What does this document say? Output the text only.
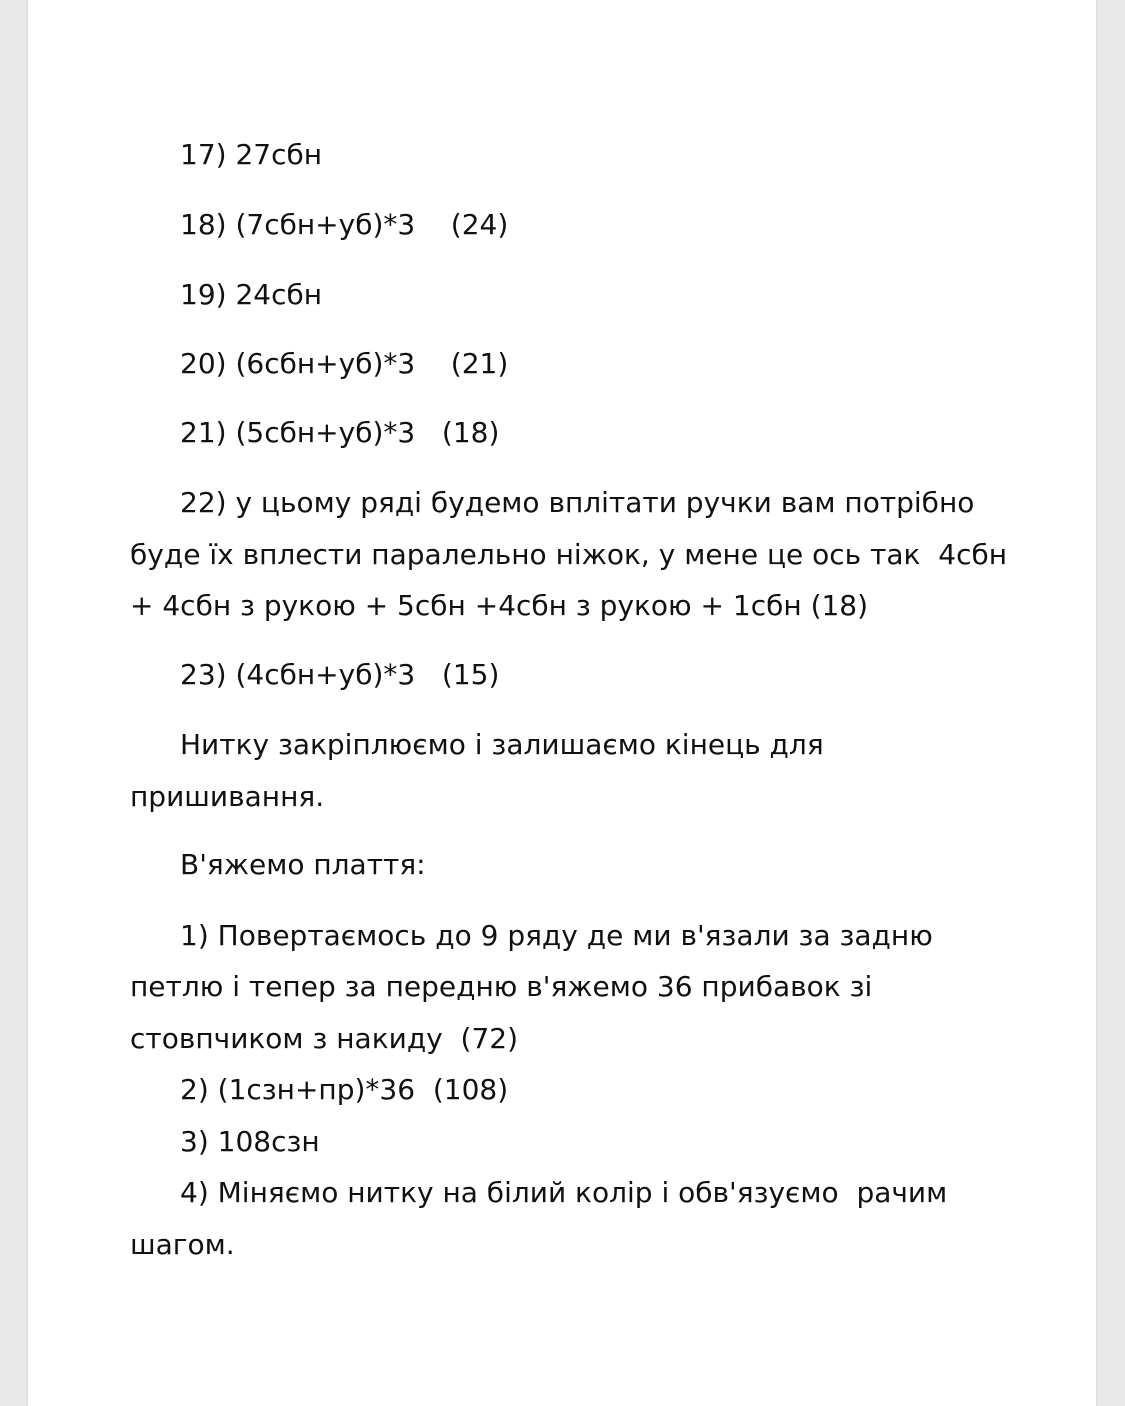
17) 27сбн
18) (7сбн+уб)*3    (24)
19) 24сбн
20) (6сбн+уб)*3    (21)
21) (5сбн+уб)*3   (18)
22) у цьому ряді будемо вплітати ручки вам потрібно
буде їх вплести паралельно ніжок, у мене це ось так  4сбн
+ 4сбн з рукою + 5сбн +4сбн з рукою + 1сбн (18)
23) (4сбн+уб)*3   (15)
Нитку закріплюємо і залишаємо кінець для
пришивання.
В'яжемо плаття:
1) Повертаємось до 9 ряду де ми в'язали за задню
петлю і тепер за передню в'яжемо 36 прибавок зі
стовпчиком з накиду  (72)
2) (1сзн+пр)*36  (108)
3) 108сзн
4) Міняємо нитку на білий колір і обв'язуємо  рачим
шагом.
